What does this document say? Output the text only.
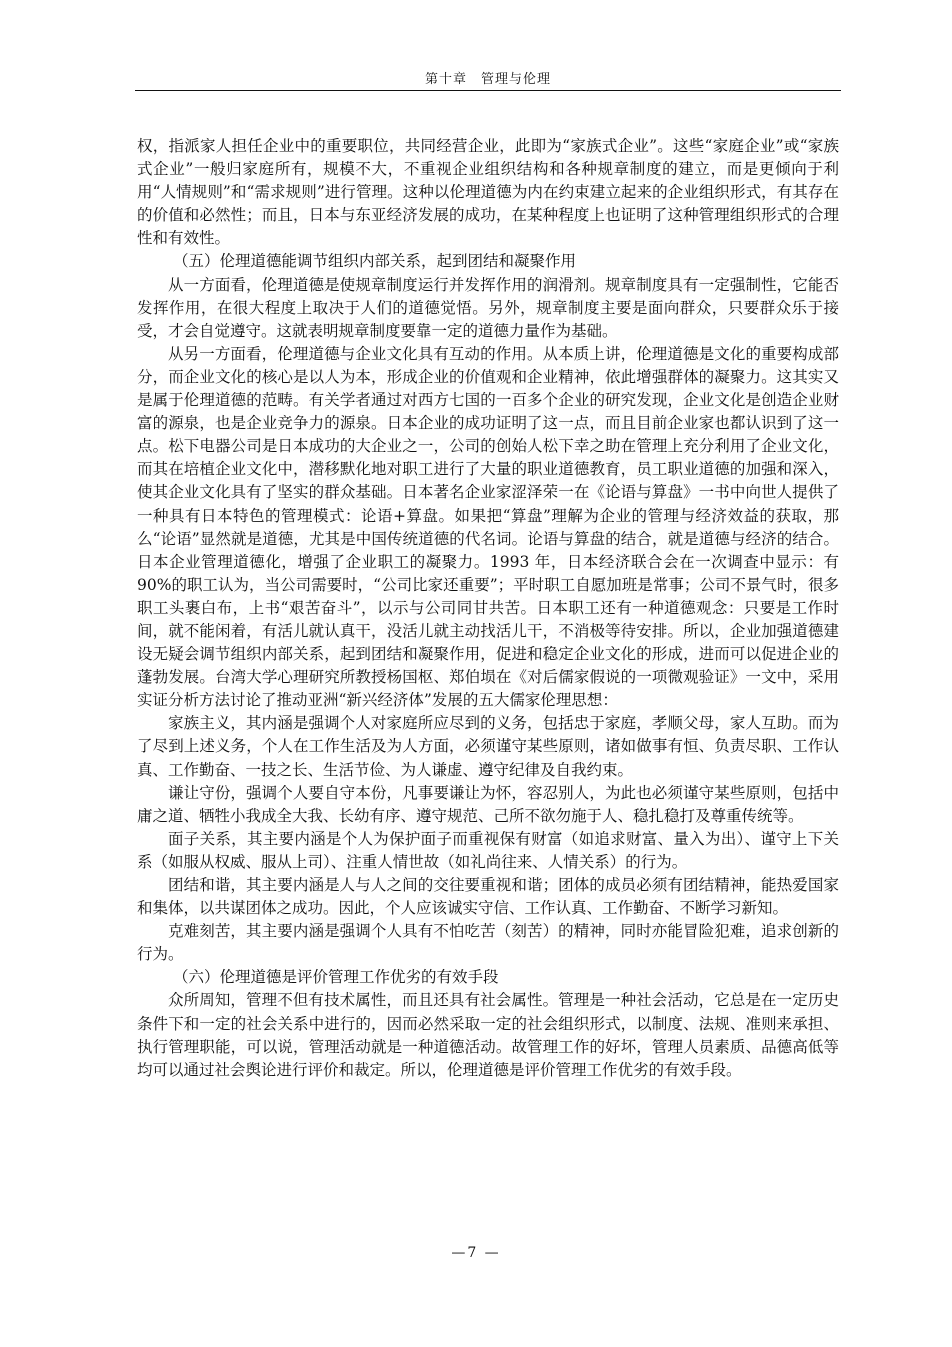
第十章　管理与伦理

权，指派家人担任企业中的重要职位，共同经营企业，此即为“家族式企业”。这些“家庭企业”或“家族式企业”一般归家庭所有，规模不大，不重视企业组织结构和各种规章制度的建立，而是更倾向于利用“人情规则”和“需求规则”进行管理。这种以伦理道德为内在约束建立起来的企业组织形式，有其存在的价值和必然性；而且，日本与东亚经济发展的成功，在某种程度上也证明了这种管理组织形式的合理性和有效性。

（五）伦理道德能调节组织内部关系，起到团结和凝聚作用

从一方面看，伦理道德是使规章制度运行并发挥作用的润滑剂。规章制度具有一定强制性，它能否发挥作用，在很大程度上取决于人们的道德觉悟。另外，规章制度主要是面向群众，只要群众乐于接受，才会自觉遵守。这就表明规章制度要靠一定的道德力量作为基础。

从另一方面看，伦理道德与企业文化具有互动的作用。从本质上讲，伦理道德是文化的重要构成部分，而企业文化的核心是以人为本，形成企业的价值观和企业精神，依此增强群体的凝聚力。这其实又是属于伦理道德的范畴。有关学者通过对西方七国的一百多个企业的研究发现，企业文化是创造企业财富的源泉，也是企业竞争力的源泉。日本企业的成功证明了这一点，而且目前企业家也都认识到了这一点。松下电器公司是日本成功的大企业之一，公司的创始人松下幸之助在管理上充分利用了企业文化，而其在培植企业文化中，潜移默化地对职工进行了大量的职业道德教育，员工职业道德的加强和深入，使其企业文化具有了坚实的群众基础。日本著名企业家涩泽荣一在《论语与算盘》一书中向世人提供了一种具有日本特色的管理模式：论语+算盘。如果把“算盘”理解为企业的管理与经济效益的获取，那么“论语”显然就是道德，尤其是中国传统道德的代名词。论语与算盘的结合，就是道德与经济的结合。日本企业管理道德化，增强了企业职工的凝聚力。1993 年，日本经济联合会在一次调查中显示：有 90%的职工认为，当公司需要时，“公司比家还重要”；平时职工自愿加班是常事；公司不景气时，很多职工头裹白布，上书“艰苦奋斗”，以示与公司同甘共苦。日本职工还有一种道德观念：只要是工作时间，就不能闲着，有活儿就认真干，没活儿就主动找活儿干，不消极等待安排。所以，企业加强道德建设无疑会调节组织内部关系，起到团结和凝聚作用，促进和稳定企业文化的形成，进而可以促进企业的蓬勃发展。台湾大学心理研究所教授杨国枢、郑伯埙在《对后儒家假说的一项微观验证》一文中，采用实证分析方法讨论了推动亚洲“新兴经济体”发展的五大儒家伦理思想：

家族主义，其内涵是强调个人对家庭所应尽到的义务，包括忠于家庭，孝顺父母，家人互助。而为了尽到上述义务，个人在工作生活及为人方面，必须谨守某些原则，诸如做事有恒、负责尽职、工作认真、工作勤奋、一技之长、生活节俭、为人谦虚、遵守纪律及自我约束。

谦让守份，强调个人要自守本份，凡事要谦让为怀，容忍别人，为此也必须谨守某些原则，包括中庸之道、牺牲小我成全大我、长幼有序、遵守规范、己所不欲勿施于人、稳扎稳打及尊重传统等。

面子关系，其主要内涵是个人为保护面子而重视保有财富（如追求财富、量入为出）、谨守上下关系（如服从权威、服从上司）、注重人情世故（如礼尚往来、人情关系）的行为。

团结和谐，其主要内涵是人与人之间的交往要重视和谐；团体的成员必须有团结精神，能热爱国家和集体，以共谋团体之成功。因此，个人应该诚实守信、工作认真、工作勤奋、不断学习新知。

克难刻苦，其主要内涵是强调个人具有不怕吃苦（刻苦）的精神，同时亦能冒险犯难，追求创新的行为。

（六）伦理道德是评价管理工作优劣的有效手段

众所周知，管理不但有技术属性，而且还具有社会属性。管理是一种社会活动，它总是在一定历史条件下和一定的社会关系中进行的，因而必然采取一定的社会组织形式，以制度、法规、准则来承担、执行管理职能，可以说，管理活动就是一种道德活动。故管理工作的好坏，管理人员素质、品德高低等均可以通过社会舆论进行评价和裁定。所以，伦理道德是评价管理工作优劣的有效手段。

—7 —
